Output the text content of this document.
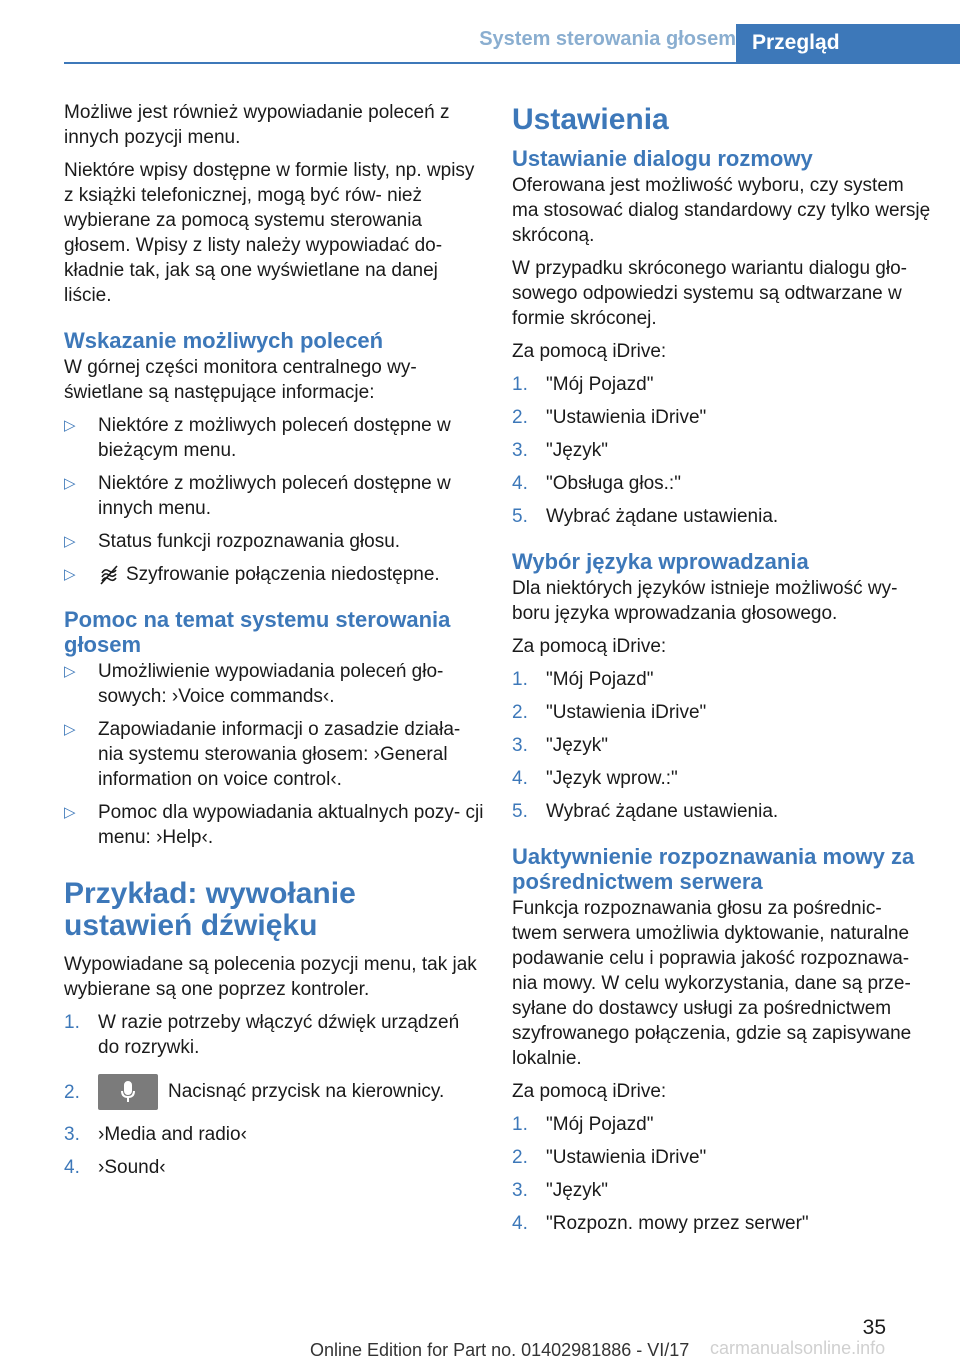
System sterowania głosem Przegląd

Możliwe jest również wypowiadanie poleceń z innych pozycji menu.

Niektóre wpisy dostępne w formie listy, np. wpisy z książki telefonicznej, mogą być rów- nież wybierane za pomocą systemu sterowania głosem. Wpisy z listy należy wypowiadać do- kładnie tak, jak są one wyświetlane na danej liście.

Wskazanie możliwych poleceń

W górnej części monitora centralnego wy- świetlane są następujące informacje:

▷ Niektóre z możliwych poleceń dostępne w bieżącym menu.
▷ Niektóre z możliwych poleceń dostępne w innych menu.
▷ Status funkcji rozpoznawania głosu.
▷	Szyfrowanie połączenia niedostępne.
Pomoc na temat systemu sterowania głosem
▷ Umożliwienie wypowiadania poleceń gło- sowych: ›Voice commands‹.
▷ Zapowiadanie informacji o zasadzie działa- nia systemu sterowania głosem: ›General information on voice control‹.
▷ Pomoc dla wypowiadania aktualnych pozy- cji menu: ›Help‹.
Przykład: wywołanie ustawień dźwięku

Wypowiadane są polecenia pozycji menu, tak jak wybierane są one poprzez kontroler.

1. W razie potrzeby włączyć dźwięk urządzeń do rozrywki.
2.	Nacisnąć przycisk na kierownicy.
3. ›Media and radio‹
4. ›Sound‹
Ustawienia
Ustawianie dialogu rozmowy

Oferowana jest możliwość wyboru, czy system ma stosować dialog standardowy czy tylko wersję skróconą.

W przypadku skróconego wariantu dialogu gło- sowego odpowiedzi systemu są odtwarzane w formie skróconej.

Za pomocą iDrive:

1. "Mój Pojazd"
2. "Ustawienia iDrive"
3. "Język"
4. "Obsługa głos.:"
5. Wybrać żądane ustawienia.
Wybór języka wprowadzania

Dla niektórych języków istnieje możliwość wy- boru języka wprowadzania głosowego.

Za pomocą iDrive:

1. "Mój Pojazd"
2. "Ustawienia iDrive"
3. "Język"
4. "Język wprow.:"
5. Wybrać żądane ustawienia.
Uaktywnienie rozpoznawania mowy za pośrednictwem serwera

Funkcja rozpoznawania głosu za pośrednic- twem serwera umożliwia dyktowanie, naturalne podawanie celu i poprawia jakość rozpoznawa- nia mowy. W celu wykorzystania, dane są prze- syłane do dostawcy usługi za pośrednictwem szyfrowanego połączenia, gdzie są zapisywane lokalnie.

Za pomocą iDrive:

1. "Mój Pojazd"
2. "Ustawienia iDrive"
3. "Język"
4. "Rozpozn. mowy przez serwer"
35
Online Edition for Part no. 01402981886 - VI/17 carmanualsonline.info
